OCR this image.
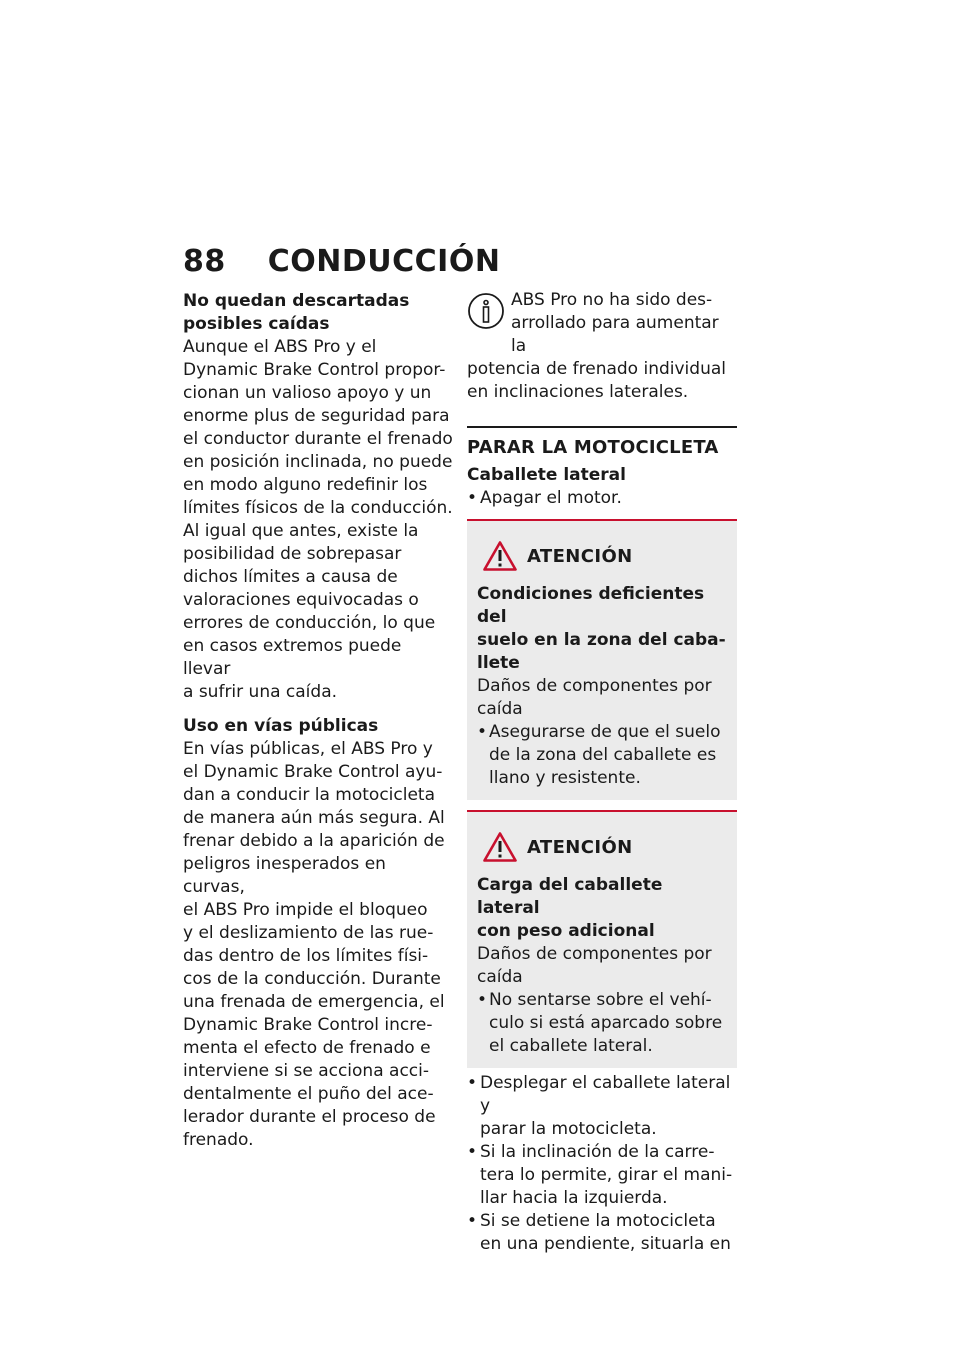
88 CONDUCCIÓN

No quedan descartadas
posibles caídas

Aunque el ABS Pro y el
Dynamic Brake Control propor-
cionan un valioso apoyo y un
enorme plus de seguridad para
el conductor durante el frenado
en posición inclinada, no puede
en modo alguno redefinir los
límites físicos de la conducción.
Al igual que antes, existe la
posibilidad de sobrepasar
dichos límites a causa de
valoraciones equivocadas o
errores de conducción, lo que
en casos extremos puede llevar
a sufrir una caída.

Uso en vías públicas

En vías públicas, el ABS Pro y
el Dynamic Brake Control ayu-
dan a conducir la motocicleta
de manera aún más segura. Al
frenar debido a la aparición de
peligros inesperados en curvas,
el ABS Pro impide el bloqueo
y el deslizamiento de las rue-
das dentro de los límites físi-
cos de la conducción. Durante
una frenada de emergencia, el
Dynamic Brake Control incre-
menta el efecto de frenado e
interviene si se acciona acci-
dentalmente el puño del ace-
lerador durante el proceso de
frenado.

ABS Pro no ha sido des-
arrollado para aumentar la

potencia de frenado individual
en inclinaciones laterales.

PARAR LA MOTOCICLETA

Caballete lateral

• Apagar el motor.
ATENCIÓN

Condiciones deficientes del
suelo en la zona del caba-
llete

Daños de componentes por
caída

• Asegurarse de que el suelo
de la zona del caballete es
llano y resistente.
ATENCIÓN

Carga del caballete lateral
con peso adicional

Daños de componentes por
caída

• No sentarse sobre el vehí-
culo si está aparcado sobre
el caballete lateral.
• Desplegar el caballete lateral y
parar la motocicleta.
• Si la inclinación de la carre-
tera lo permite, girar el mani-
llar hacia la izquierda.
• Si se detiene la motocicleta
en una pendiente, situarla en
